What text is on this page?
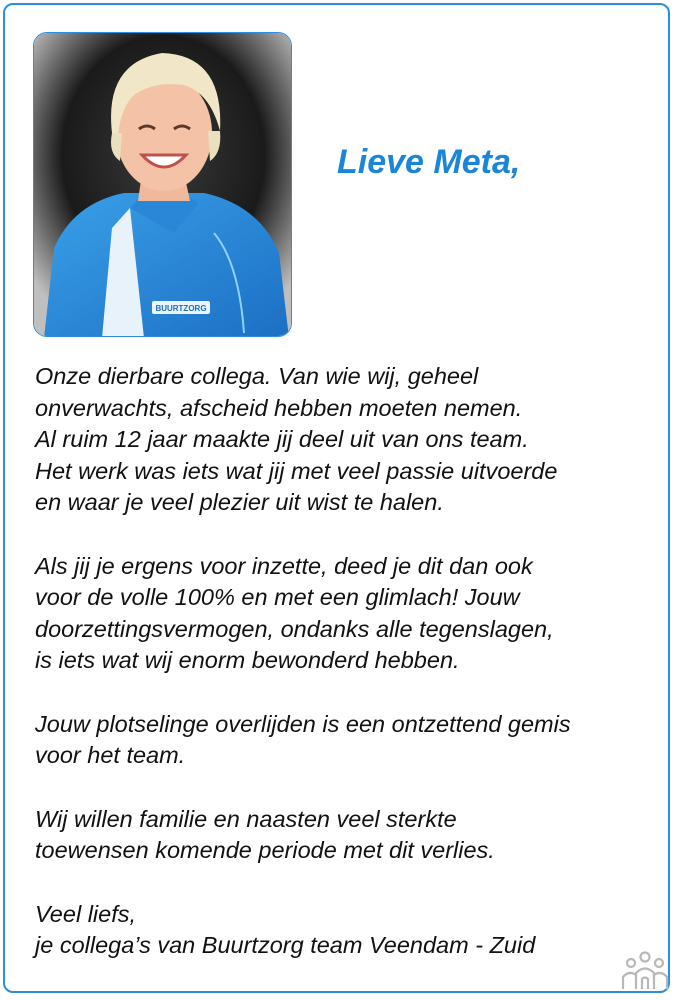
BUURTZORG
Lieve Meta,

Onze dierbare collega. Van wie wij, geheel
onverwachts, afscheid hebben moeten nemen.
Al ruim 12 jaar maakte jij deel uit van ons team.
Het werk was iets wat jij met veel passie uitvoerde
en waar je veel plezier uit wist te halen.

Als jij je ergens voor inzette, deed je dit dan ook
voor de volle 100% en met een glimlach! Jouw
doorzettingsvermogen, ondanks alle tegenslagen,
is iets wat wij enorm bewonderd hebben.

Jouw plotselinge overlijden is een ontzettend gemis
voor het team.

Wij willen familie en naasten veel sterkte
toewensen komende periode met dit verlies.

Veel liefs,
je collega’s van Buurtzorg team Veendam - Zuid
